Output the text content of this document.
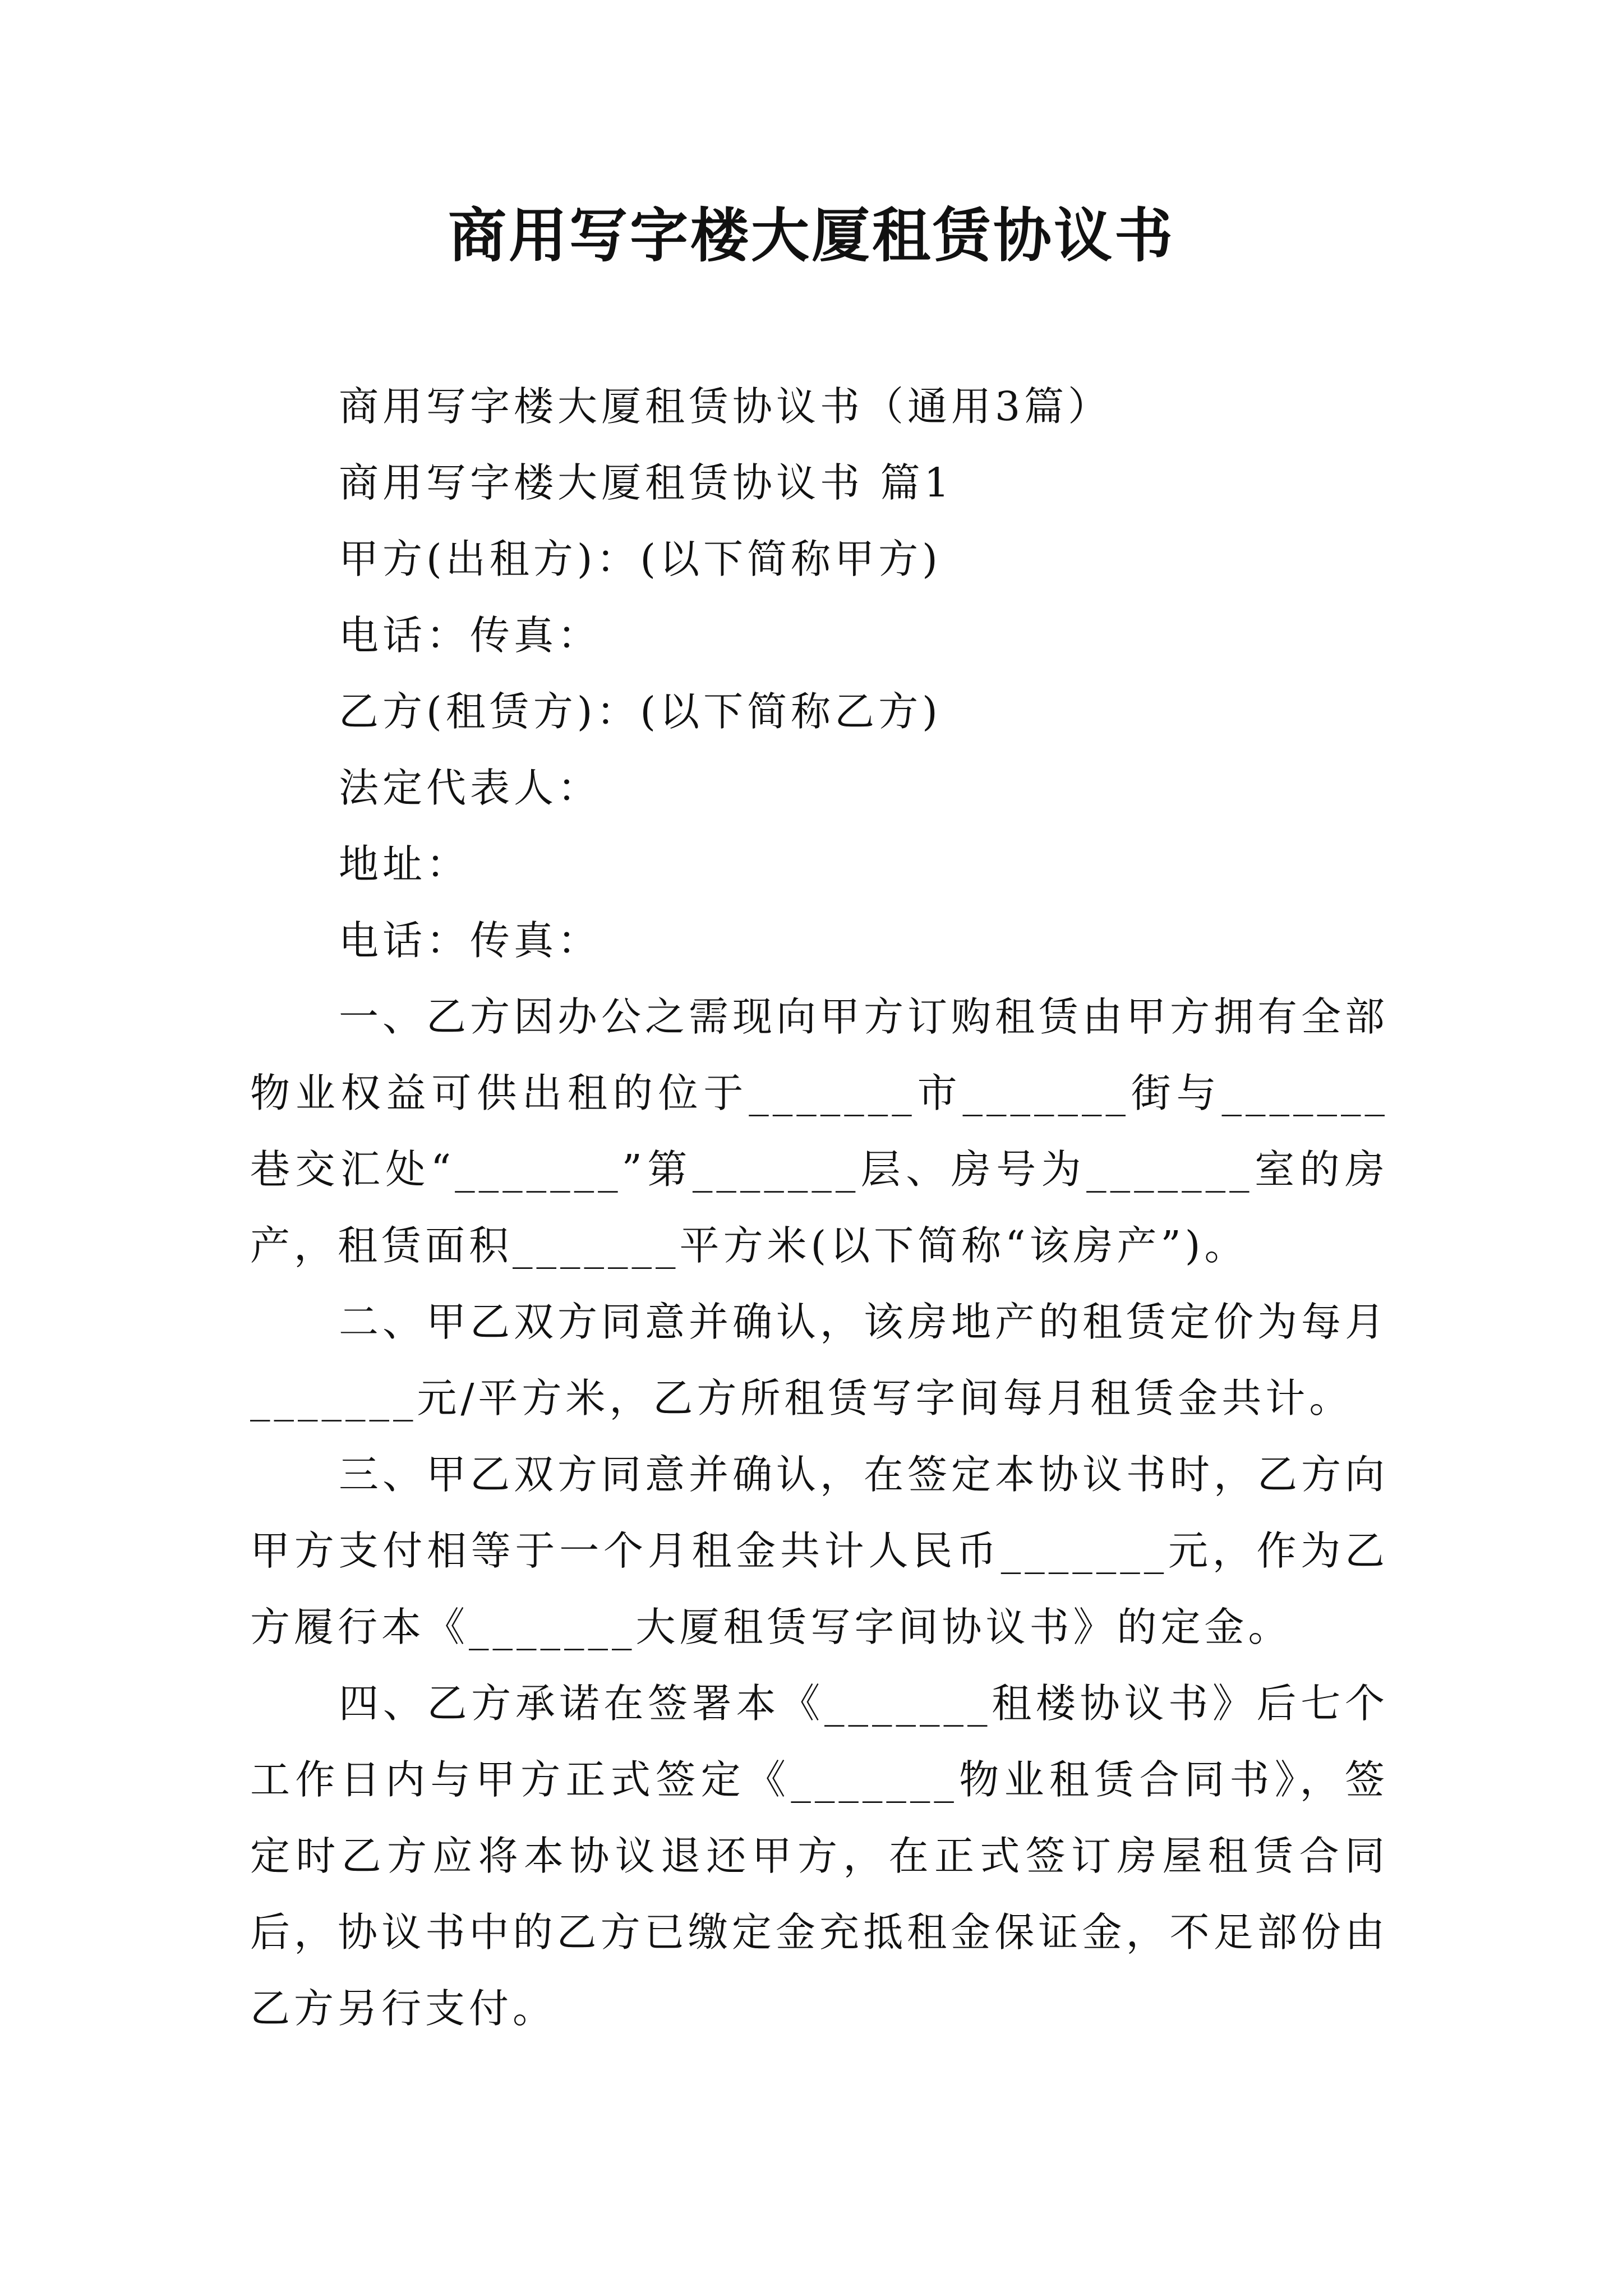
商用写字楼大厦租赁协议书

商用写字楼大厦租赁协议书（通用3篇）

商用写字楼大厦租赁协议书 篇1

甲方(出租方)：(以下简称甲方)

电话：传真：

乙方(租赁方)：(以下简称乙方)

法定代表人：

地址：

电话：传真：

一、乙方因办公之需现向甲方订购租赁由甲方拥有全部物业权益可供出租的位于_______市_______街与_______巷交汇处“_______”第_______层、房号为_______室的房产，租赁面积_______平方米(以下简称“该房产”)。

二、甲乙双方同意并确认，该房地产的租赁定价为每月_______元/平方米，乙方所租赁写字间每月租赁金共计。

三、甲乙双方同意并确认，在签定本协议书时，乙方向甲方支付相等于一个月租金共计人民币_______元，作为乙方履行本《_______大厦租赁写字间协议书》的定金。

四、乙方承诺在签署本《_______租楼协议书》后七个工作日内与甲方正式签定《_______物业租赁合同书》，签定时乙方应将本协议退还甲方，在正式签订房屋租赁合同后，协议书中的乙方已缴定金充抵租金保证金，不足部份由乙方另行支付。
